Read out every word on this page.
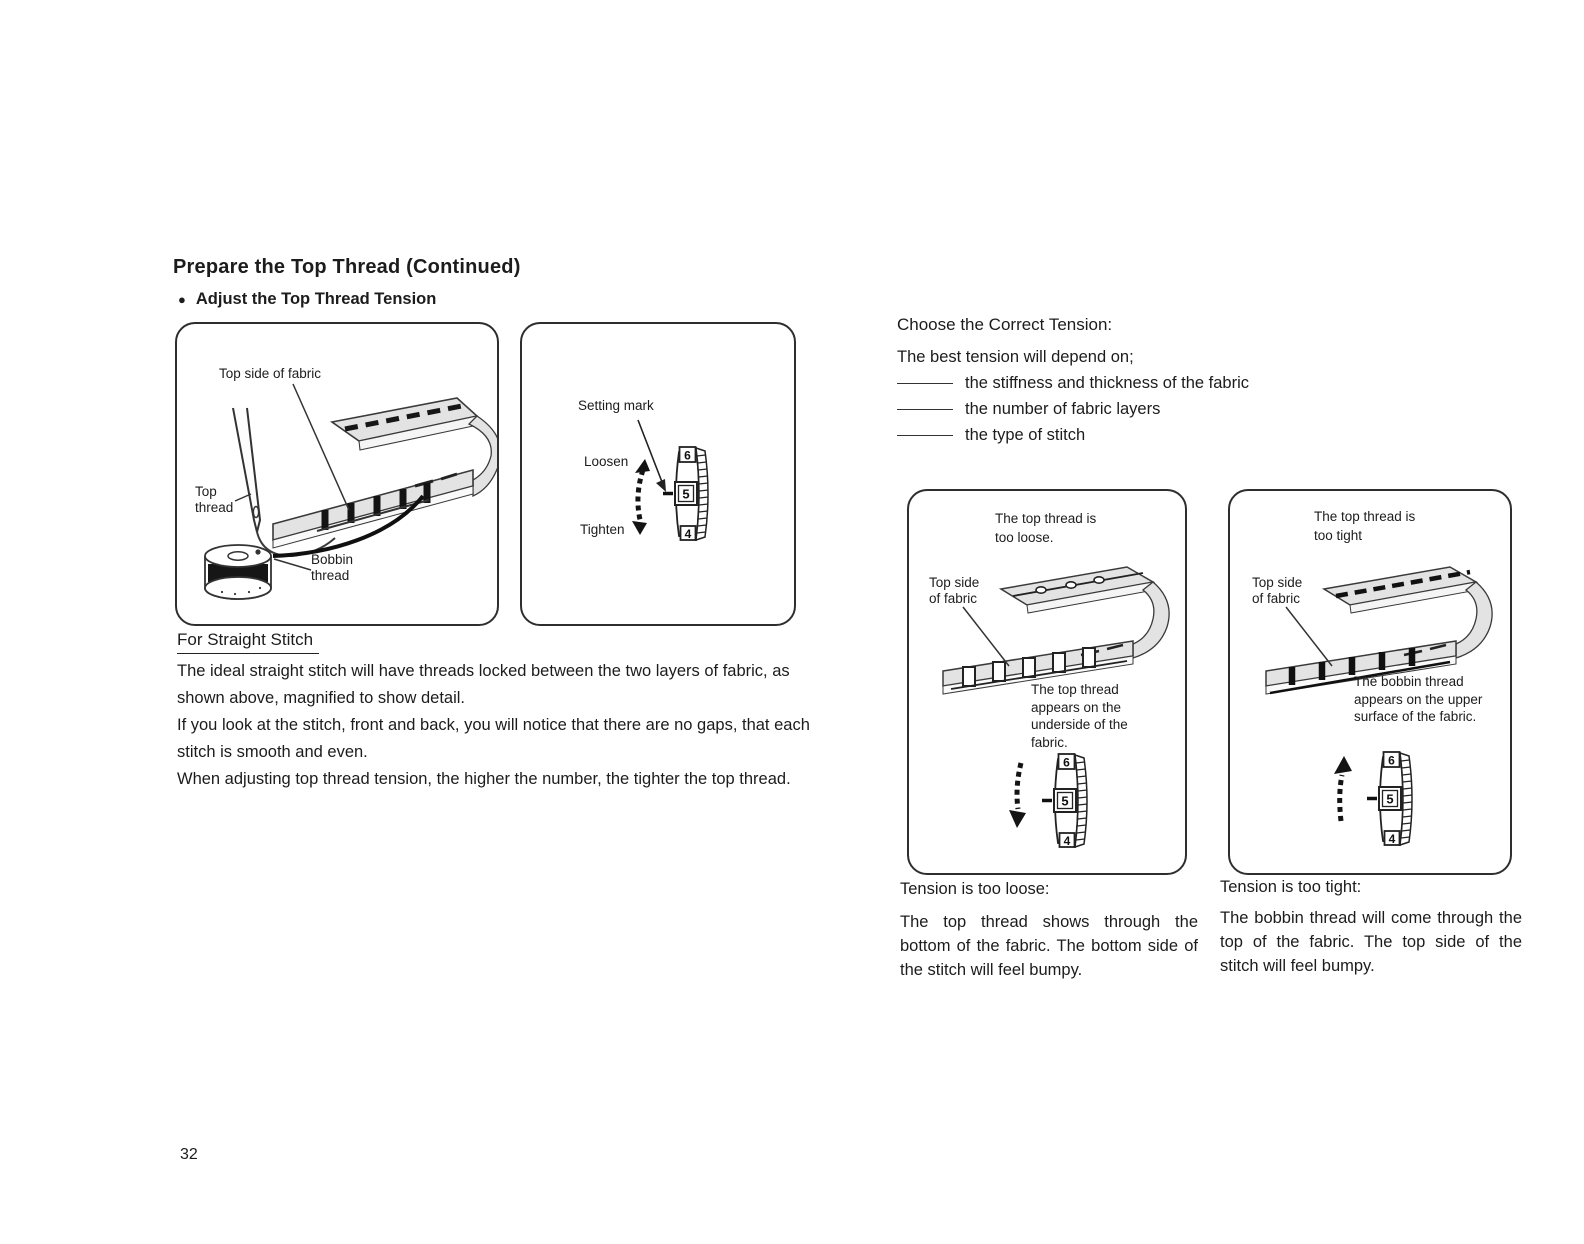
Prepare the Top Thread (Continued)
● Adjust the Top Thread Tension
Top side of fabric
Top thread
Bobbin thread
Setting mark
Loosen
Tighten
6
5
4
For Straight Stitch
The ideal straight stitch will have threads locked between the two layers of fabric, as shown above, magnified to show detail.
If you look at the stitch, front and back, you will notice that there are no gaps, that each stitch is smooth and even.
When adjusting top thread tension, the higher the number, the tighter the top thread.
Choose the Correct Tension:
The best tension will depend on;
the stiffness and thickness of the fabric
the number of fabric layers
the type of stitch
The top thread is too loose.
Top side of fabric
The top thread appears on the underside of the fabric.
6
5
4
The top thread is too tight
Top side of fabric
The bobbin thread appears on the upper surface of the fabric.
6
5
4
Tension is too loose:
The top thread shows through the bottom of the fabric. The bottom side of the stitch will feel bumpy.
Tension is too tight:
The bobbin thread will come through the top of the fabric. The top side of the stitch will feel bumpy.
32
